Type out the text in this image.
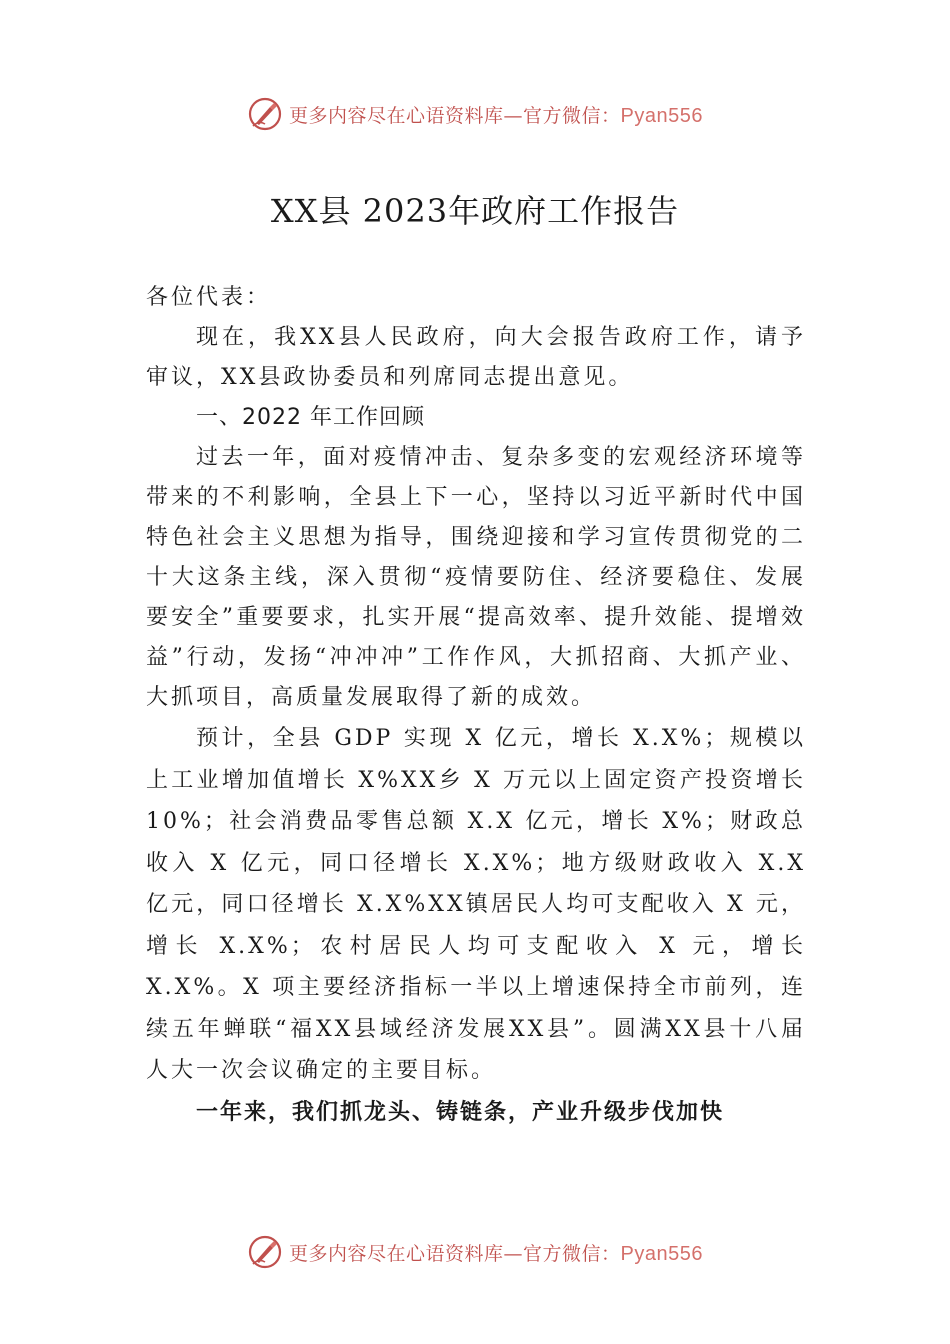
更多内容尽在心语资料库—官方微信：Pyan556
XX县 2023年政府工作报告

各位代表：

现在，我XX县人民政府，向大会报告政府工作，请予审议，XX县政协委员和列席同志提出意见。

一、2022 年工作回顾

过去一年，面对疫情冲击、复杂多变的宏观经济环境等带来的不利影响，全县上下一心，坚持以习近平新时代中国特色社会主义思想为指导，围绕迎接和学习宣传贯彻党的二十大这条主线，深入贯彻“疫情要防住、经济要稳住、发展要安全”重要要求，扎实开展“提高效率、提升效能、提增效益”行动，发扬“冲冲冲”工作作风，大抓招商、大抓产业、大抓项目，高质量发展取得了新的成效。

预计，全县 GDP 实现 X 亿元，增长 X.X%；规模以上工业增加值增长 X%XX乡 X 万元以上固定资产投资增长 10%；社会消费品零售总额 X.X 亿元，增长 X%；财政总收入 X 亿元，同口径增长 X.X%；地方级财政收入 X.X 亿元，同口径增长 X.X%XX镇居民人均可支配收入 X 元，增长 X.X%；农村居民人均可支配收入 X 元，增长 X.X%。X 项主要经济指标一半以上增速保持全市前列，连续五年蝉联“福XX县域经济发展XX县”。圆满XX县十八届人大一次会议确定的主要目标。

一年来，我们抓龙头、铸链条，产业升级步伐加快

更多内容尽在心语资料库—官方微信：Pyan556
